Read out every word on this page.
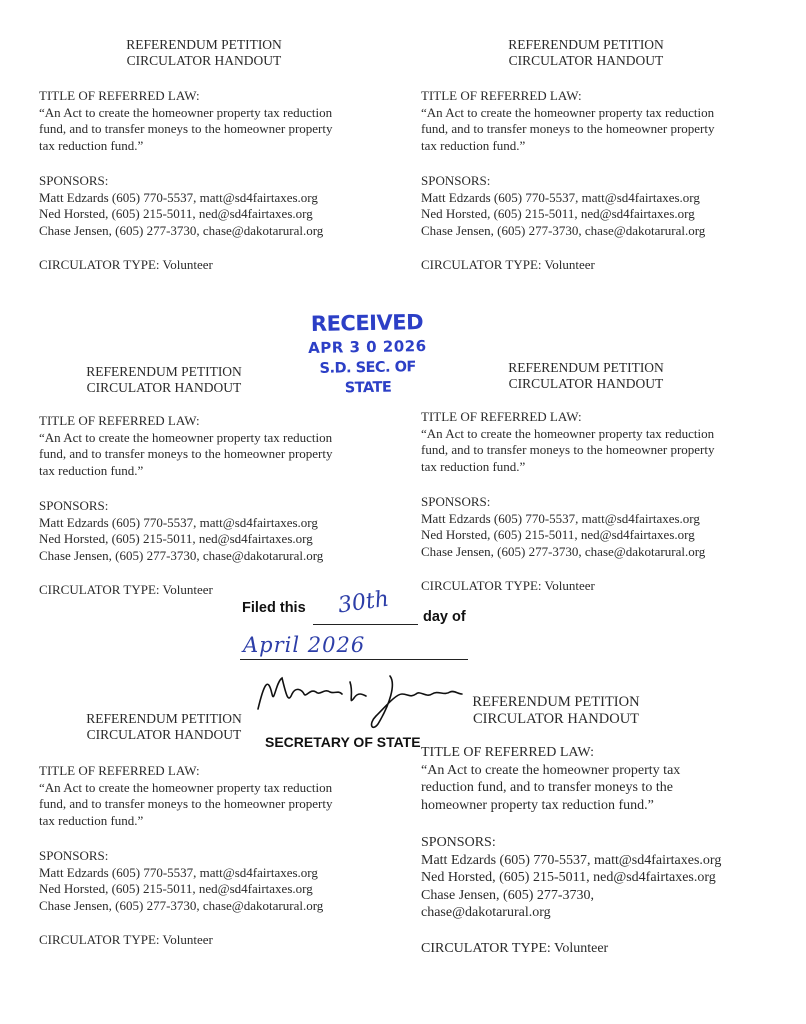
REFERENDUM PETITION
CIRCULATOR HANDOUT
TITLE OF REFERRED LAW:
“An Act to create the homeowner property tax reduction
fund, and to transfer moneys to the homeowner property
tax reduction fund.”
SPONSORS:
Matt Edzards (605) 770-5537, matt@sd4fairtaxes.org
Ned Horsted, (605) 215-5011, ned@sd4fairtaxes.org
Chase Jensen, (605) 277-3730, chase@dakotarural.org
CIRCULATOR TYPE: Volunteer
REFERENDUM PETITION
CIRCULATOR HANDOUT
TITLE OF REFERRED LAW:
“An Act to create the homeowner property tax reduction
fund, and to transfer moneys to the homeowner property
tax reduction fund.”
SPONSORS:
Matt Edzards (605) 770-5537, matt@sd4fairtaxes.org
Ned Horsted, (605) 215-5011, ned@sd4fairtaxes.org
Chase Jensen, (605) 277-3730, chase@dakotarural.org
CIRCULATOR TYPE: Volunteer
RECEIVED
APR 3 0 2026
S.D. SEC. OF STATE
REFERENDUM PETITION
CIRCULATOR HANDOUT
TITLE OF REFERRED LAW:
“An Act to create the homeowner property tax reduction
fund, and to transfer moneys to the homeowner property
tax reduction fund.”
SPONSORS:
Matt Edzards (605) 770-5537, matt@sd4fairtaxes.org
Ned Horsted, (605) 215-5011, ned@sd4fairtaxes.org
Chase Jensen, (605) 277-3730, chase@dakotarural.org
CIRCULATOR TYPE: Volunteer
REFERENDUM PETITION
CIRCULATOR HANDOUT
TITLE OF REFERRED LAW:
“An Act to create the homeowner property tax reduction
fund, and to transfer moneys to the homeowner property
tax reduction fund.”
SPONSORS:
Matt Edzards (605) 770-5537, matt@sd4fairtaxes.org
Ned Horsted, (605) 215-5011, ned@sd4fairtaxes.org
Chase Jensen, (605) 277-3730, chase@dakotarural.org
CIRCULATOR TYPE: Volunteer
Filed this 30th day of
April 2026
SECRETARY OF STATE
REFERENDUM PETITION
CIRCULATOR HANDOUT
TITLE OF REFERRED LAW:
“An Act to create the homeowner property tax reduction
fund, and to transfer moneys to the homeowner property
tax reduction fund.”
SPONSORS:
Matt Edzards (605) 770-5537, matt@sd4fairtaxes.org
Ned Horsted, (605) 215-5011, ned@sd4fairtaxes.org
Chase Jensen, (605) 277-3730, chase@dakotarural.org
CIRCULATOR TYPE: Volunteer
REFERENDUM PETITION
CIRCULATOR HANDOUT
TITLE OF REFERRED LAW:
“An Act to create the homeowner property tax
reduction fund, and to transfer moneys to the
homeowner property tax reduction fund.”
SPONSORS:
Matt Edzards (605) 770-5537, matt@sd4fairtaxes.org
Ned Horsted, (605) 215-5011, ned@sd4fairtaxes.org
Chase Jensen, (605) 277-3730,
chase@dakotarural.org
CIRCULATOR TYPE: Volunteer
